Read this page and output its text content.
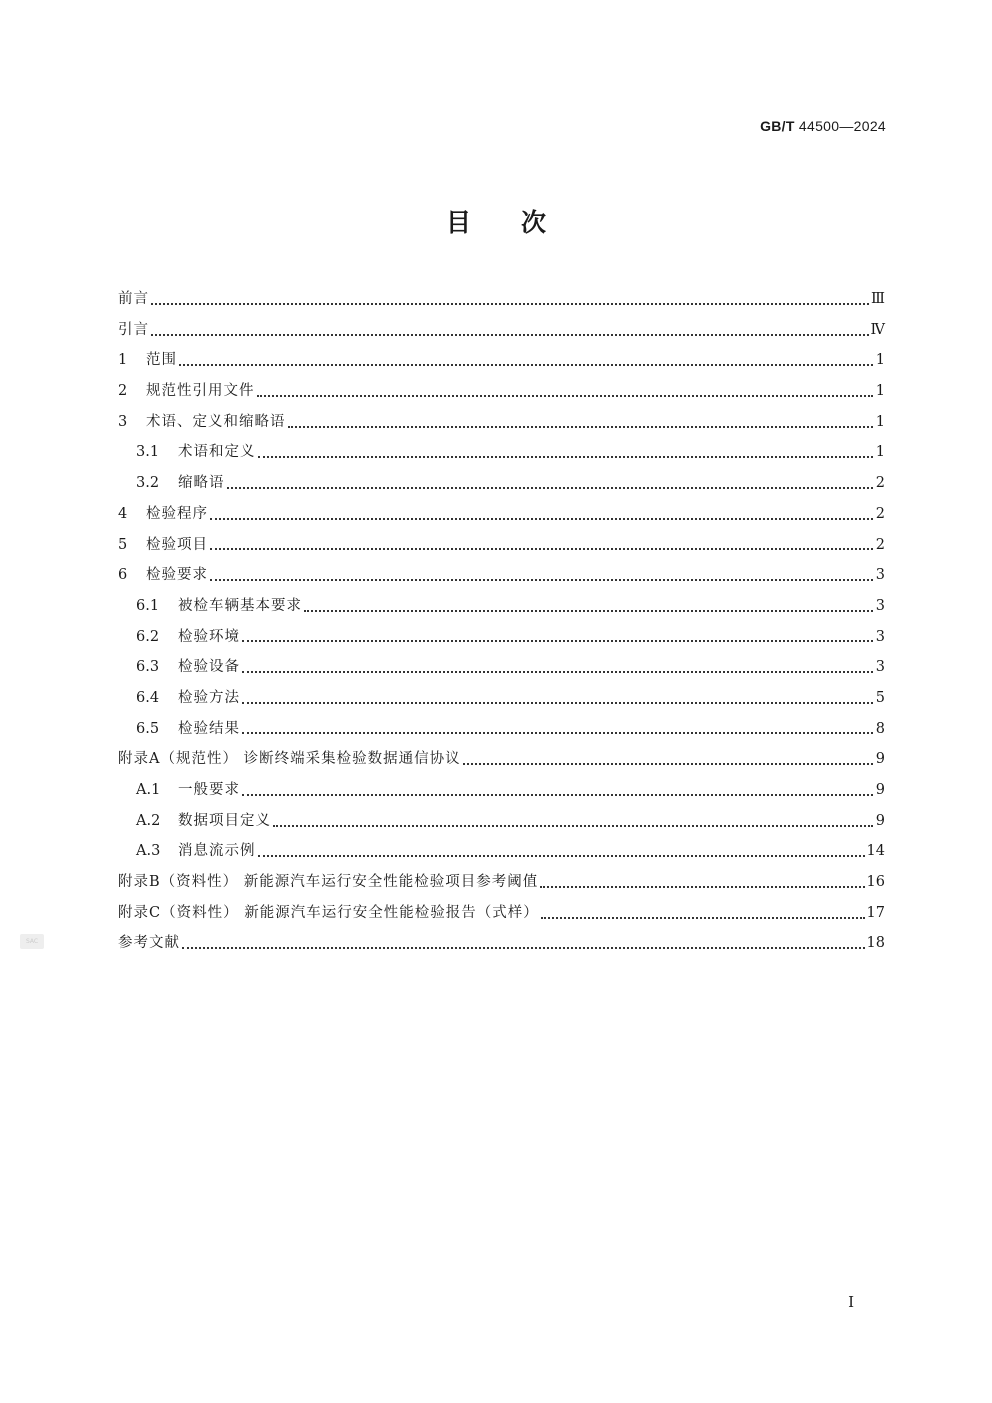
GB/T 44500—2024
目次
前言	Ⅲ
引言	Ⅳ
1	范围	1
2	规范性引用文件	1
3	术语、定义和缩略语	1
3.1	术语和定义	1
3.2	缩略语	2
4	检验程序	2
5	检验项目	2
6	检验要求	3
6.1	被检车辆基本要求	3
6.2	检验环境	3
6.3	检验设备	3
6.4	检验方法	5
6.5	检验结果	8
附录A（规范性） 诊断终端采集检验数据通信协议	9
A.1	一般要求	9
A.2	数据项目定义	9
A.3	消息流示例	14
附录B（资料性） 新能源汽车运行安全性能检验项目参考阈值	16
附录C（资料性） 新能源汽车运行安全性能检验报告（式样）	17
参考文献	18
SAC
Ⅰ
